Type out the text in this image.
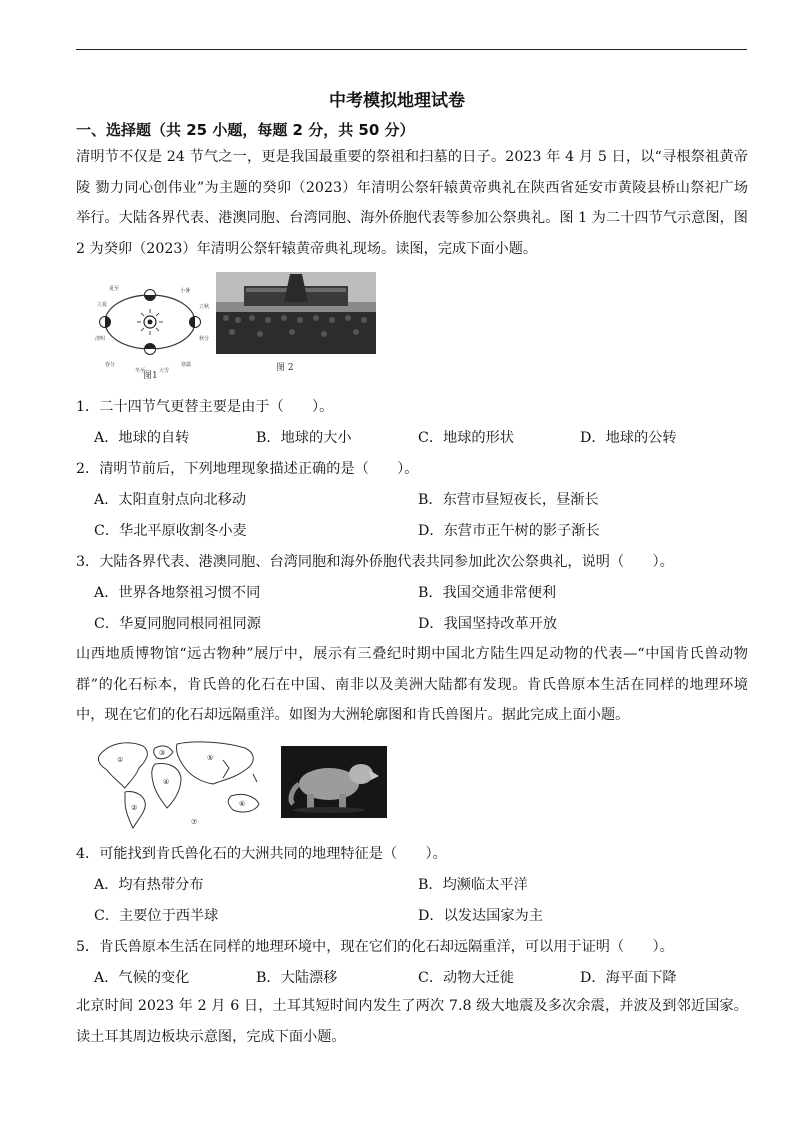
中考模拟地理试卷
一、选择题（共 25 小题，每题 2 分，共 50 分）

清明节不仅是 24 节气之一，更是我国最重要的祭祖和扫墓的日子。2023 年 4 月 5 日，以“寻根祭祖黄帝陵 勠力同心创伟业”为主题的癸卯（2023）年清明公祭轩辕黄帝典礼在陕西省延安市黄陵县桥山祭祀广场举行。大陆各界代表、港澳同胞、台湾同胞、海外侨胞代表等参加公祭典礼。图 1 为二十四节气示意图，图 2 为癸卯（2023）年清明公祭轩辕黄帝典礼现场。读图，完成下面小题。

夏至	小暑
立夏	立秋
清明	秋分
春分	寒露
冬至	大雪
图1
图 2
1．二十四节气更替主要是由于（　　）。
A．地球的自转	B．地球的大小	C．地球的形状	D．地球的公转
2．清明节前后，下列地理现象描述正确的是（　　）。
A．太阳直射点向北移动	B．东营市昼短夜长，昼渐长
C．华北平原收割冬小麦	D．东营市正午树的影子渐长
3．大陆各界代表、港澳同胞、台湾同胞和海外侨胞代表共同参加此次公祭典礼，说明（　　）。
A．世界各地祭祖习惯不同	B．我国交通非常便利
C．华夏同胞同根同祖同源	D．我国坚持改革开放

山西地质博物馆“远古物种”展厅中，展示有三叠纪时期中国北方陆生四足动物的代表—“中国肯氏兽动物群”的化石标本，肯氏兽的化石在中国、南非以及美洲大陆都有发现。肯氏兽原本生活在同样的地理环境中，现在它们的化石却远隔重洋。如图为大洲轮廓图和肯氏兽图片。据此完成上面小题。

①
②
③
④
⑤
⑥
⑦
4．可能找到肯氏兽化石的大洲共同的地理特征是（　　）。
A．均有热带分布	B．均濒临太平洋
C．主要位于西半球	D．以发达国家为主
5．肯氏兽原本生活在同样的地理环境中，现在它们的化石却远隔重洋，可以用于证明（　　）。
A．气候的变化	B．大陆漂移	C．动物大迁徙	D．海平面下降

北京时间 2023 年 2 月 6 日，土耳其短时间内发生了两次 7.8 级大地震及多次余震，并波及到邻近国家。读土耳其周边板块示意图，完成下面小题。
